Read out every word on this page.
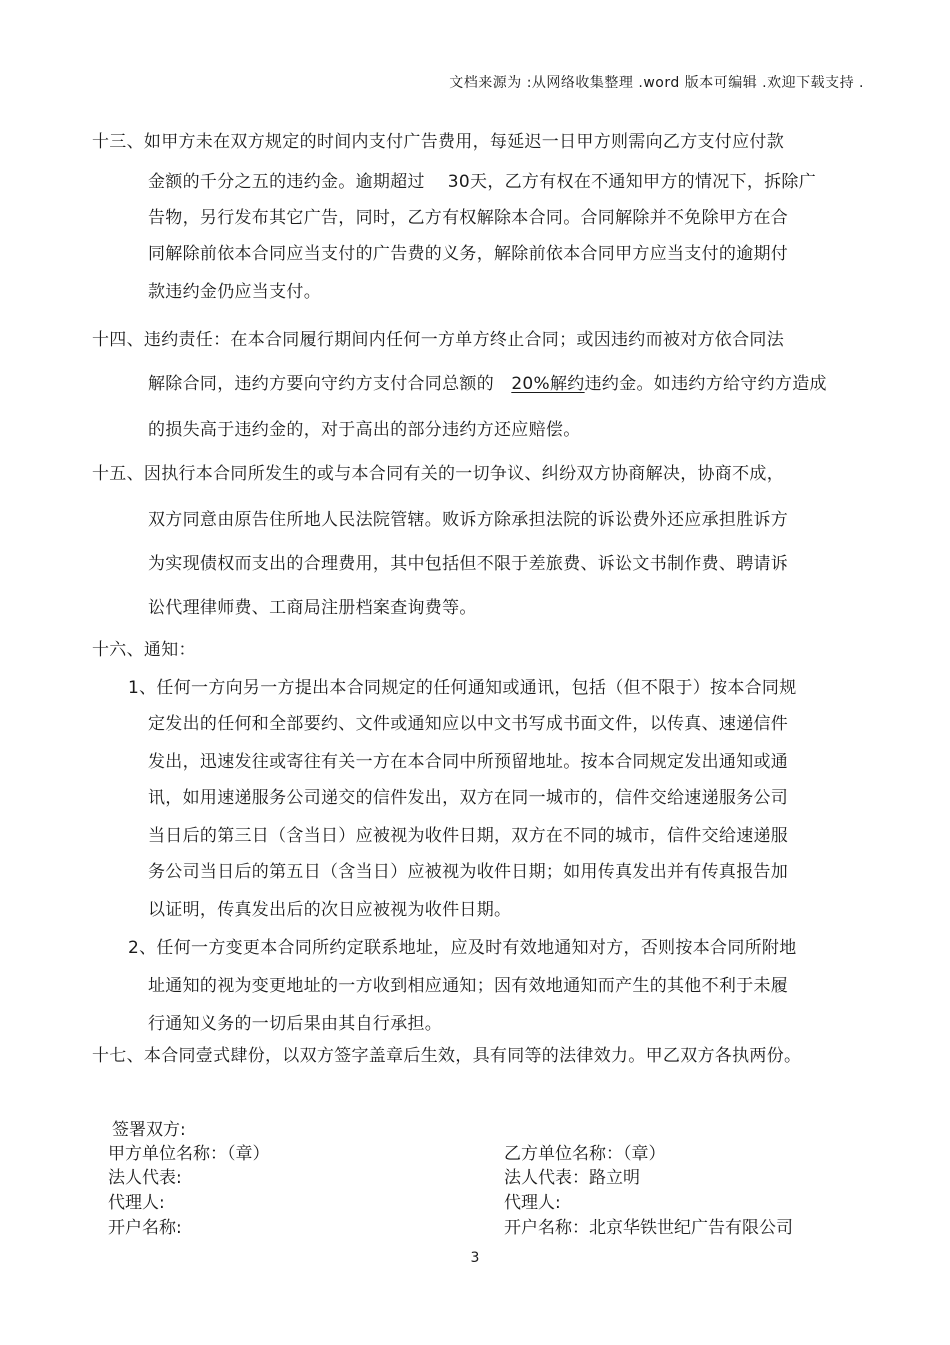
文档来源为 :从网络收集整理 .word 版本可编辑 .欢迎下载支持 .
十三、如甲方未在双方规定的时间内支付广告费用，每延迟一日甲方则需向乙方支付应付款
金额的千分之五的违约金。逾期超过　 30天，乙方有权在不通知甲方的情况下，拆除广
告物，另行发布其它广告，同时，乙方有权解除本合同。合同解除并不免除甲方在合
同解除前依本合同应当支付的广告费的义务，解除前依本合同甲方应当支付的逾期付
款违约金仍应当支付。
十四、违约责任：在本合同履行期间内任何一方单方终止合同；或因违约而被对方依合同法
解除合同，违约方要向守约方支付合同总额的　20%解约违约金。如违约方给守约方造成
的损失高于违约金的，对于高出的部分违约方还应赔偿。
十五、因执行本合同所发生的或与本合同有关的一切争议、纠纷双方协商解决，协商不成，
双方同意由原告住所地人民法院管辖。败诉方除承担法院的诉讼费外还应承担胜诉方
为实现债权而支出的合理费用，其中包括但不限于差旅费、诉讼文书制作费、聘请诉
讼代理律师费、工商局注册档案查询费等。
十六、通知：
1、任何一方向另一方提出本合同规定的任何通知或通讯，包括（但不限于）按本合同规
定发出的任何和全部要约、文件或通知应以中文书写成书面文件，以传真、速递信件
发出，迅速发往或寄往有关一方在本合同中所预留地址。按本合同规定发出通知或通
讯，如用速递服务公司递交的信件发出，双方在同一城市的，信件交给速递服务公司
当日后的第三日（含当日）应被视为收件日期，双方在不同的城市，信件交给速递服
务公司当日后的第五日（含当日）应被视为收件日期；如用传真发出并有传真报告加
以证明，传真发出后的次日应被视为收件日期。
2、任何一方变更本合同所约定联系地址，应及时有效地通知对方，否则按本合同所附地
址通知的视为变更地址的一方收到相应通知；因有效地通知而产生的其他不利于未履
行通知义务的一切后果由其自行承担。
十七、本合同壹式肆份，以双方签字盖章后生效，具有同等的法律效力。甲乙双方各执两份。
签署双方:
甲方单位名称：（章）
法人代表:
代理人:
开户名称:
乙方单位名称：（章）
法人代表：路立明
代理人:
开户名称：北京华铁世纪广告有限公司
3
